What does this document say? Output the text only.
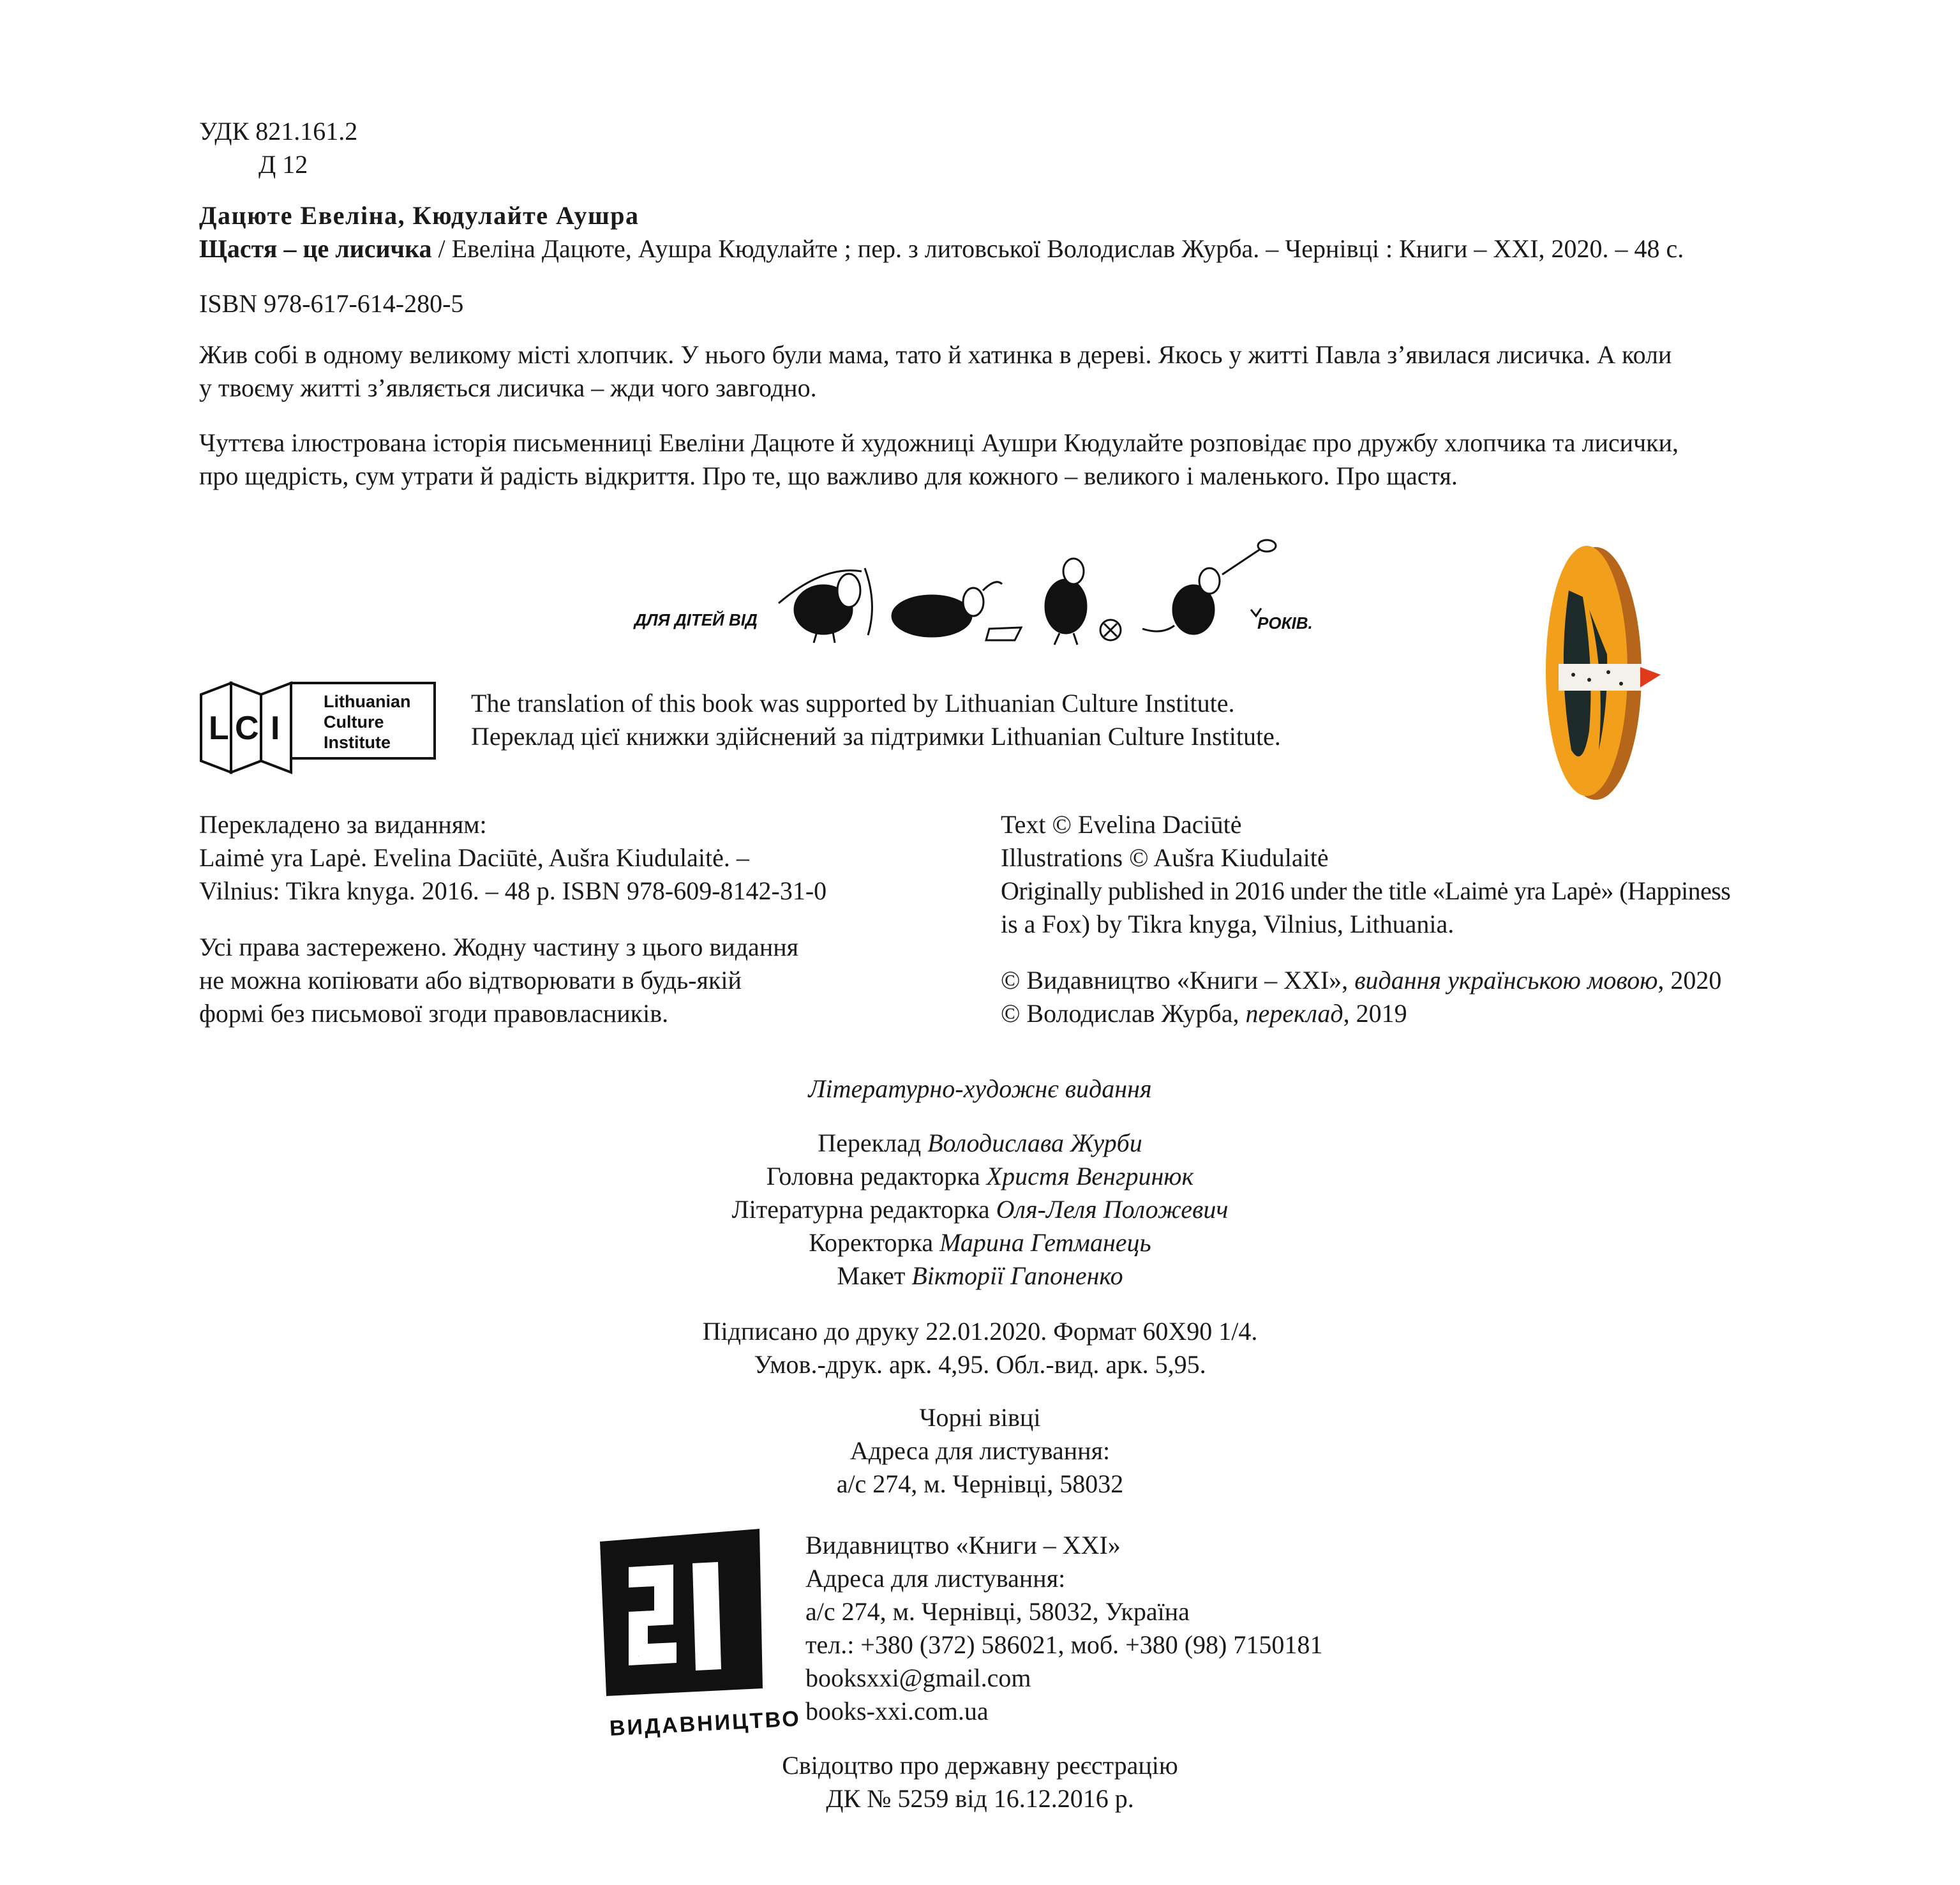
УДК 821.161.2
Д 12
Дацюте Евеліна, Кюдулайте Аушра
Щастя – це лисичка / Евеліна Дацюте, Аушра Кюдулайте ; пер. з литовської Володислав Журба. – Чернівці : Книги – XXI, 2020. – 48 с.
ISBN 978-617-614-280-5
Жив собі в одному великому місті хлопчик. У нього були мама, тато й хатинка в дереві. Якось у житті Павла з’явилася лисичка. А коли
у твоєму житті з’являється лисичка – жди чого завгодно.
Чуттєва ілюстрована історія письменниці Евеліни Дацюте й художниці Аушри Кюдулайте розповідає про дружбу хлопчика та лисички,
про щедрість, сум утрати й радість відкриття. Про те, що важливо для кожного – великого і маленького. Про щастя.
ДЛЯ ДІТЕЙ ВІД	РОКІВ.
L C I
Lithuanian
Culture
Institute
The translation of this book was supported by Lithuanian Culture Institute.
Переклад цієї книжки здійснений за підтримки Lithuanian Culture Institute.
Перекладено за виданням:
Laimė yra Lapė. Evelina Daciūtė, Aušra Kiudulaitė. –
Vilnius: Tikra knyga. 2016. – 48 p. ISBN 978-609-8142-31-0
Усі права застережено. Жодну частину з цього видання
не можна копіювати або відтворювати в будь-якій
формі без письмової згоди правовласників.
Text © Evelina Daciūtė
Illustrations © Aušra Kiudulaitė
Originally published in 2016 under the title «Laimė yra Lapė» (Happiness
is a Fox) by Tikra knyga, Vilnius, Lithuania.
© Видавництво «Книги – XXI», видання українською мовою, 2020
© Володислав Журба, переклад, 2019
Літературно-художнє видання
Переклад Володислава Журби
Головна редакторка Христя Венгринюк
Літературна редакторка Оля-Леля Положевич
Коректорка Марина Гетманець
Макет Вікторії Гапоненко
Підписано до друку 22.01.2020. Формат 60Х90 1/4.
Умов.-друк. арк. 4,95. Обл.-вид. арк. 5,95.
Чорні вівці
Адреса для листування:
а/с 274, м. Чернівці, 58032
21
ВИДАВНИЦТВО
Видавництво «Книги – XXI»
Адреса для листування:
а/с 274, м. Чернівці, 58032, Україна
тел.: +380 (372) 586021, моб. +380 (98) 7150181
booksxxi@gmail.com
books-xxi.com.ua
Свідоцтво про державну реєстрацію
ДК № 5259 від 16.12.2016 р.
